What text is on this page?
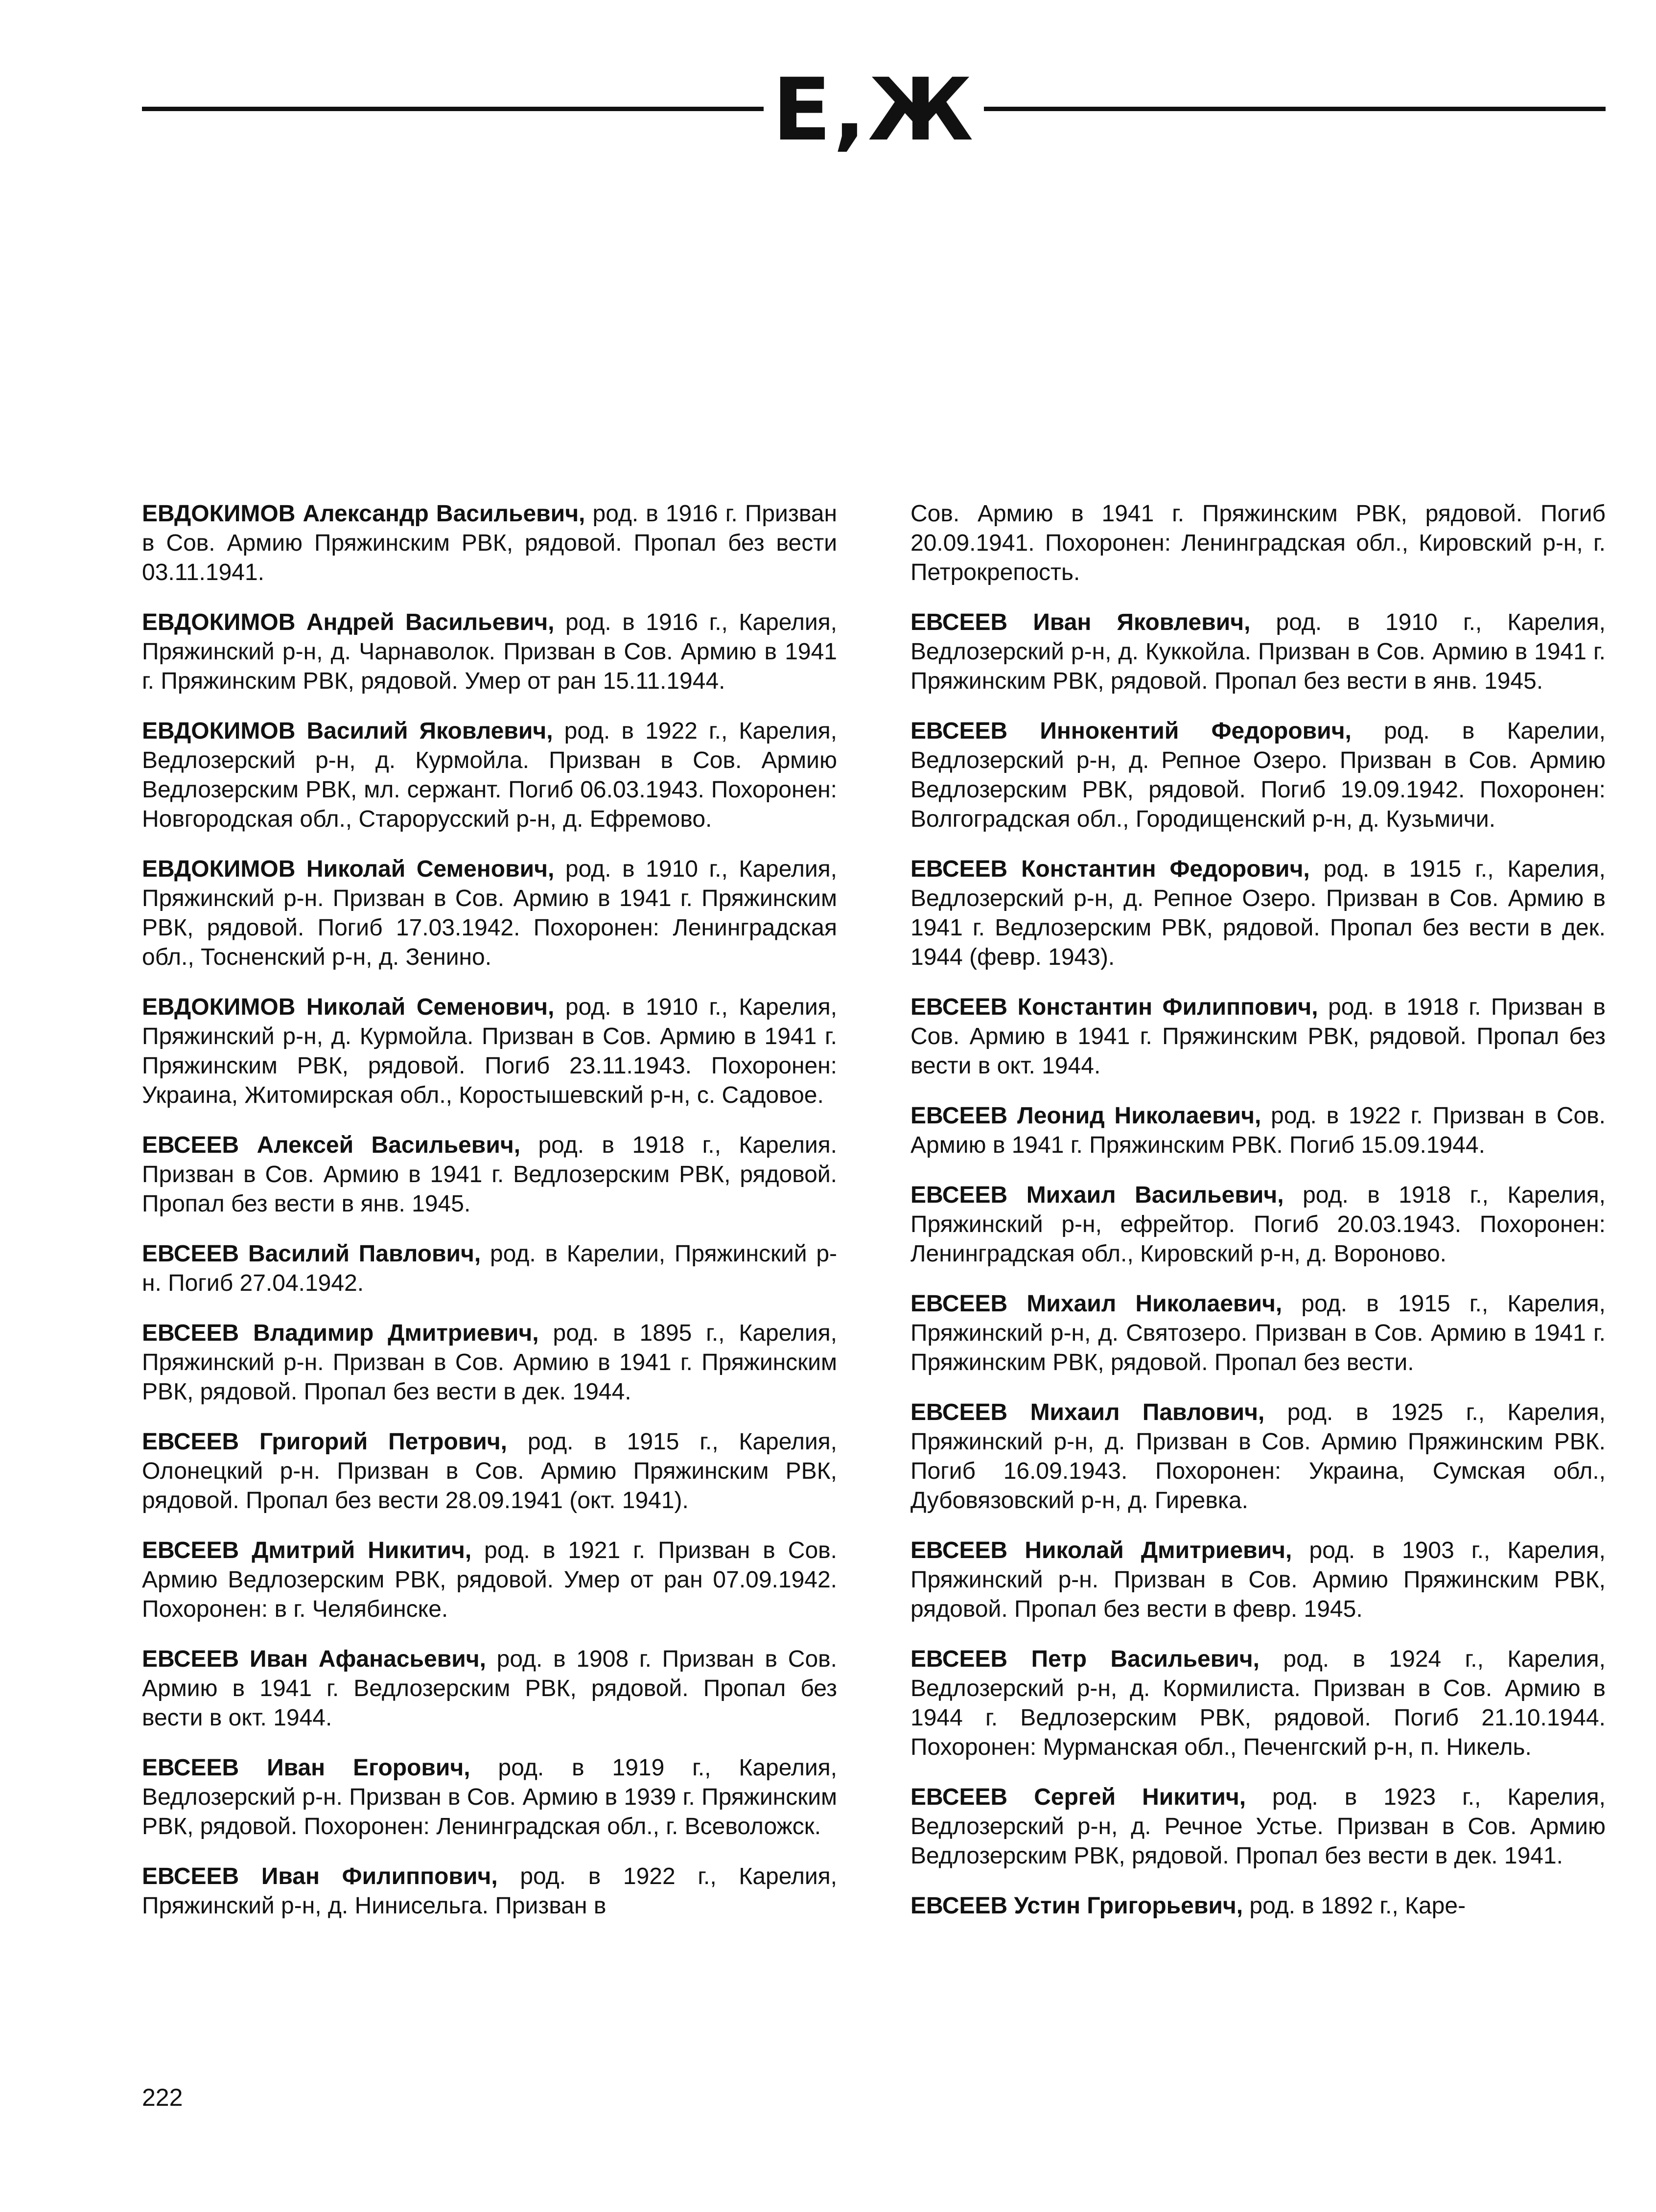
Е,Ж

ЕВДОКИМОВ Александр Васильевич, род. в 1916 г. Призван в Сов. Армию Пряжинским РВК, рядовой. Пропал без вести 03.11.1941.

ЕВДОКИМОВ Андрей Васильевич, род. в 1916 г., Карелия, Пряжинский р-н, д. Чарнаволок. Призван в Сов. Армию в 1941 г. Пряжинским РВК, рядовой. Умер от ран 15.11.1944.

ЕВДОКИМОВ Василий Яковлевич, род. в 1922 г., Карелия, Ведлозерский р-н, д. Курмойла. Призван в Сов. Армию Ведлозерским РВК, мл. сержант. Погиб 06.03.1943. Похоронен: Новгородская обл., Старорусский р-н, д. Ефремово.

ЕВДОКИМОВ Николай Семенович, род. в 1910 г., Карелия, Пряжинский р-н. Призван в Сов. Армию в 1941 г. Пряжинским РВК, рядовой. Погиб 17.03.1942. Похоронен: Ленинградская обл., Тосненский р-н, д. Зенино.

ЕВДОКИМОВ Николай Семенович, род. в 1910 г., Карелия, Пряжинский р-н, д. Курмойла. Призван в Сов. Армию в 1941 г. Пряжинским РВК, рядовой. Погиб 23.11.1943. Похоронен: Украина, Житомирская обл., Коростышевский р-н, с. Садовое.

ЕВСЕЕВ Алексей Васильевич, род. в 1918 г., Карелия. Призван в Сов. Армию в 1941 г. Ведлозерским РВК, рядовой. Пропал без вести в янв. 1945.

ЕВСЕЕВ Василий Павлович, род. в Карелии, Пряжинский р-н. Погиб 27.04.1942.

ЕВСЕЕВ Владимир Дмитриевич, род. в 1895 г., Карелия, Пряжинский р-н. Призван в Сов. Армию в 1941 г. Пряжинским РВК, рядовой. Пропал без вести в дек. 1944.

ЕВСЕЕВ Григорий Петрович, род. в 1915 г., Карелия, Олонецкий р-н. Призван в Сов. Армию Пряжинским РВК, рядовой. Пропал без вести 28.09.1941 (окт. 1941).

ЕВСЕЕВ Дмитрий Никитич, род. в 1921 г. Призван в Сов. Армию Ведлозерским РВК, рядовой. Умер от ран 07.09.1942. Похоронен: в г. Челябинске.

ЕВСЕЕВ Иван Афанасьевич, род. в 1908 г. Призван в Сов. Армию в 1941 г. Ведлозерским РВК, рядовой. Пропал без вести в окт. 1944.

ЕВСЕЕВ Иван Егорович, род. в 1919 г., Карелия, Ведлозерский р-н. Призван в Сов. Армию в 1939 г. Пряжинским РВК, рядовой. Похоронен: Ленинградская обл., г. Всеволожск.

ЕВСЕЕВ Иван Филиппович, род. в 1922 г., Карелия, Пряжинский р-н, д. Нинисельга. Призван в

Сов. Армию в 1941 г. Пряжинским РВК, рядовой. Погиб 20.09.1941. Похоронен: Ленинградская обл., Кировский р-н, г. Петрокрепость.

ЕВСЕЕВ Иван Яковлевич, род. в 1910 г., Карелия, Ведлозерский р-н, д. Куккойла. Призван в Сов. Армию в 1941 г. Пряжинским РВК, рядовой. Пропал без вести в янв. 1945.

ЕВСЕЕВ Иннокентий Федорович, род. в Карелии, Ведлозерский р-н, д. Репное Озеро. Призван в Сов. Армию Ведлозерским РВК, рядовой. Погиб 19.09.1942. Похоронен: Волгоградская обл., Городищенский р-н, д. Кузьмичи.

ЕВСЕЕВ Константин Федорович, род. в 1915 г., Карелия, Ведлозерский р-н, д. Репное Озеро. Призван в Сов. Армию в 1941 г. Ведлозерским РВК, рядовой. Пропал без вести в дек. 1944 (февр. 1943).

ЕВСЕЕВ Константин Филиппович, род. в 1918 г. Призван в Сов. Армию в 1941 г. Пряжинским РВК, рядовой. Пропал без вести в окт. 1944.

ЕВСЕЕВ Леонид Николаевич, род. в 1922 г. Призван в Сов. Армию в 1941 г. Пряжинским РВК. Погиб 15.09.1944.

ЕВСЕЕВ Михаил Васильевич, род. в 1918 г., Карелия, Пряжинский р-н, ефрейтор. Погиб 20.03.1943. Похоронен: Ленинградская обл., Кировский р-н, д. Вороново.

ЕВСЕЕВ Михаил Николаевич, род. в 1915 г., Карелия, Пряжинский р-н, д. Святозеро. Призван в Сов. Армию в 1941 г. Пряжинским РВК, рядовой. Пропал без вести.

ЕВСЕЕВ Михаил Павлович, род. в 1925 г., Карелия, Пряжинский р-н, д. Призван в Сов. Армию Пряжинским РВК. Погиб 16.09.1943. Похоронен: Украина, Сумская обл., Дубовязовский р-н, д. Гиревка.

ЕВСЕЕВ Николай Дмитриевич, род. в 1903 г., Карелия, Пряжинский р-н. Призван в Сов. Армию Пряжинским РВК, рядовой. Пропал без вести в февр. 1945.

ЕВСЕЕВ Петр Васильевич, род. в 1924 г., Карелия, Ведлозерский р-н, д. Кормилиста. Призван в Сов. Армию в 1944 г. Ведлозерским РВК, рядовой. Погиб 21.10.1944. Похоронен: Мурманская обл., Печенгский р-н, п. Никель.

ЕВСЕЕВ Сергей Никитич, род. в 1923 г., Карелия, Ведлозерский р-н, д. Речное Устье. Призван в Сов. Армию Ведлозерским РВК, рядовой. Пропал без вести в дек. 1941.

ЕВСЕЕВ Устин Григорьевич, род. в 1892 г., Каре-

222
